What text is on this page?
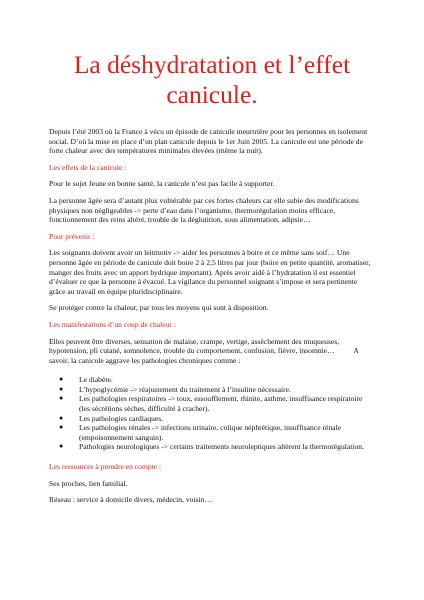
La déshydratation et l’effet canicule.

Depuis l’été 2003 où la France à vécu un épisode de canicule meurtrière pour les personnes en isolement social. D’où la mise en place d’un plan canicule depuis le 1er Juin 2005. La canicule est une période de forte chaleur avec des températures minimales élevées (même la nuit).

Les effets de la canicule :

Pour le sujet Jeune en bonne santé, la canicule n’est pas facile à supporter.

La personne âgée sera d’autant plus vulnérable par ces fortes chaleurs car elle subie des modifications physiques non négligeables -> perte d’eau dans l’organisme, thermorégulation moins efficace, fonctionnement des reins altéré, trouble de la déglutition, sous alimentation, adipsie…

Pour prévenir :

Les soignants doivent avoir un leitmotiv -> aider les personnes à boire et ce même sans soif… Une personne âgée en période de canicule doit boire 2 à 2,5 litres par jour (boire en petite quantité, aromatiser, manger des fruits avec un apport hydrique important). Après avoir aidé à l’hydratation il est essentiel d’évaluer ce que la personne à évacué. La vigilance du personnel soignant s’impose et sera pertinente grâce au travail en équipe pluridisciplinaire.

Se protéger contre la chaleur, par tous les moyens qui sont à disposition.

Les manifestations d’un coup de chaleur :

Elles peuvent être diverses, sensation de malaise, crampe, vertige, assèchement des muqueuses, hypotension, pli cutané, somnolence, trouble du comportement, confusion, fièvre, insomnie…          A savoir, la canicule aggrave les pathologies chroniques comme :

● Le diabète.
● L’hypoglycémie -> réajustement du traitement à l’insuline nécessaire.
● Les pathologies respiratoires -> toux, essoufflement, rhinite, asthme, insuffisance respiratoire (les sécrétions sèches, difficulté à cracher).
● Les pathologies cardiaques.
● Les pathologies rénales -> infections urinaire, colique néphrétique, insuffisance rénale (empoisonnement sanguin).
● Pathologies neurologiques -> certains traitements neuroleptiques altèrent la thermorégulation.

Les ressources à prendre en compte :

Ses proches, lien familial.

Réseau : service à domicile divers, médecin, voisin…
